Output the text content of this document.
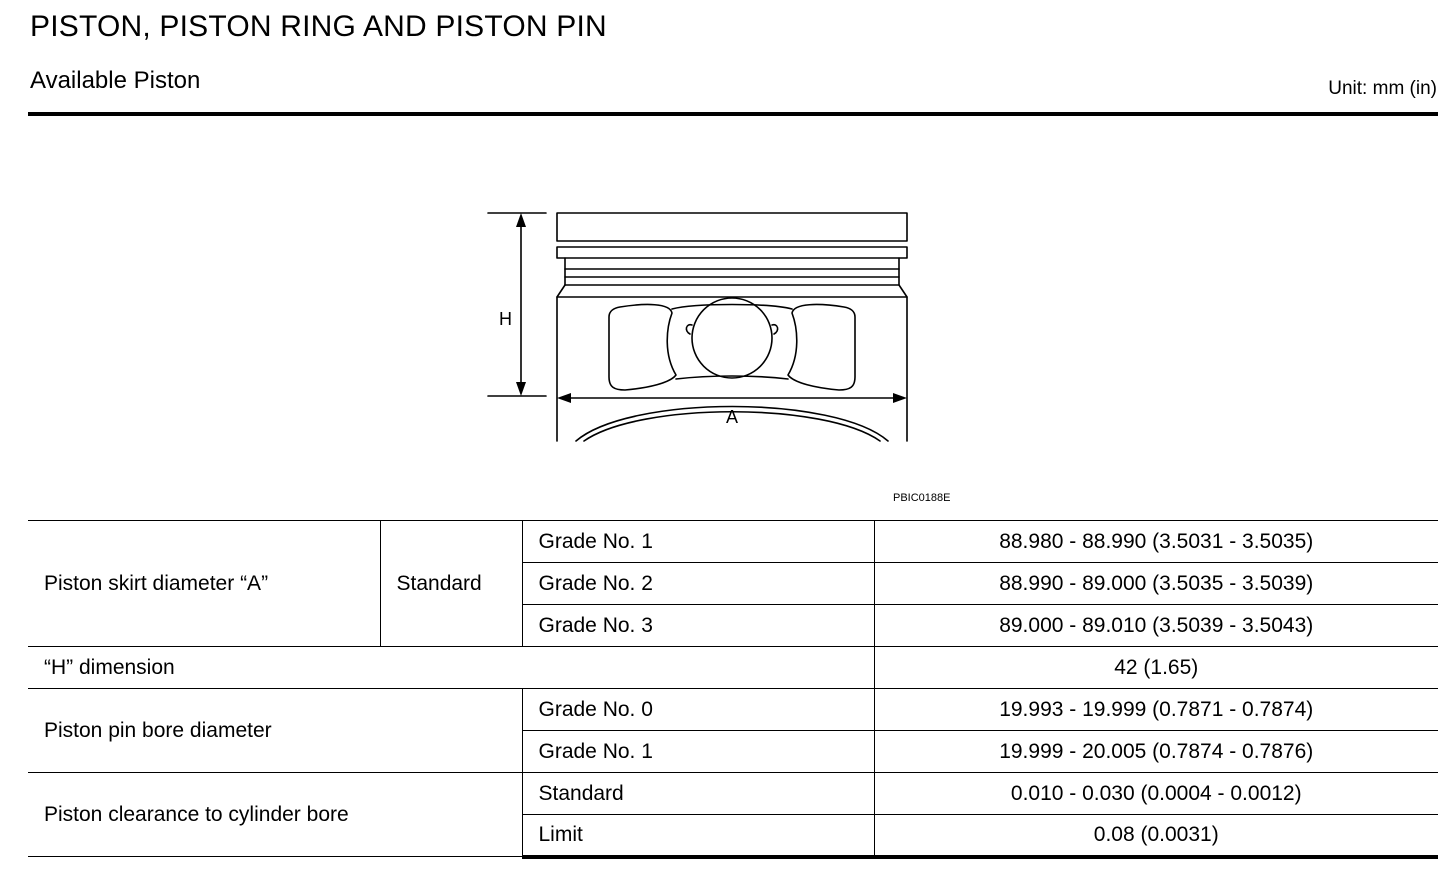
PISTON, PISTON RING AND PISTON PIN
Available Piston	Unit: mm (in)
H
A
PBIC0188E
Piston skirt diameter “A”	Standard	Grade No. 1	88.980 - 88.990 (3.5031 - 3.5035)
		Grade No. 2	88.990 - 89.000 (3.5035 - 3.5039)
		Grade No. 3	89.000 - 89.010 (3.5039 - 3.5043)
“H” dimension			42 (1.65)
Piston pin bore diameter		Grade No. 0	19.993 - 19.999 (0.7871 - 0.7874)
		Grade No. 1	19.999 - 20.005 (0.7874 - 0.7876)
Piston clearance to cylinder bore		Standard	0.010 - 0.030 (0.0004 - 0.0012)
		Limit	0.08 (0.0031)
